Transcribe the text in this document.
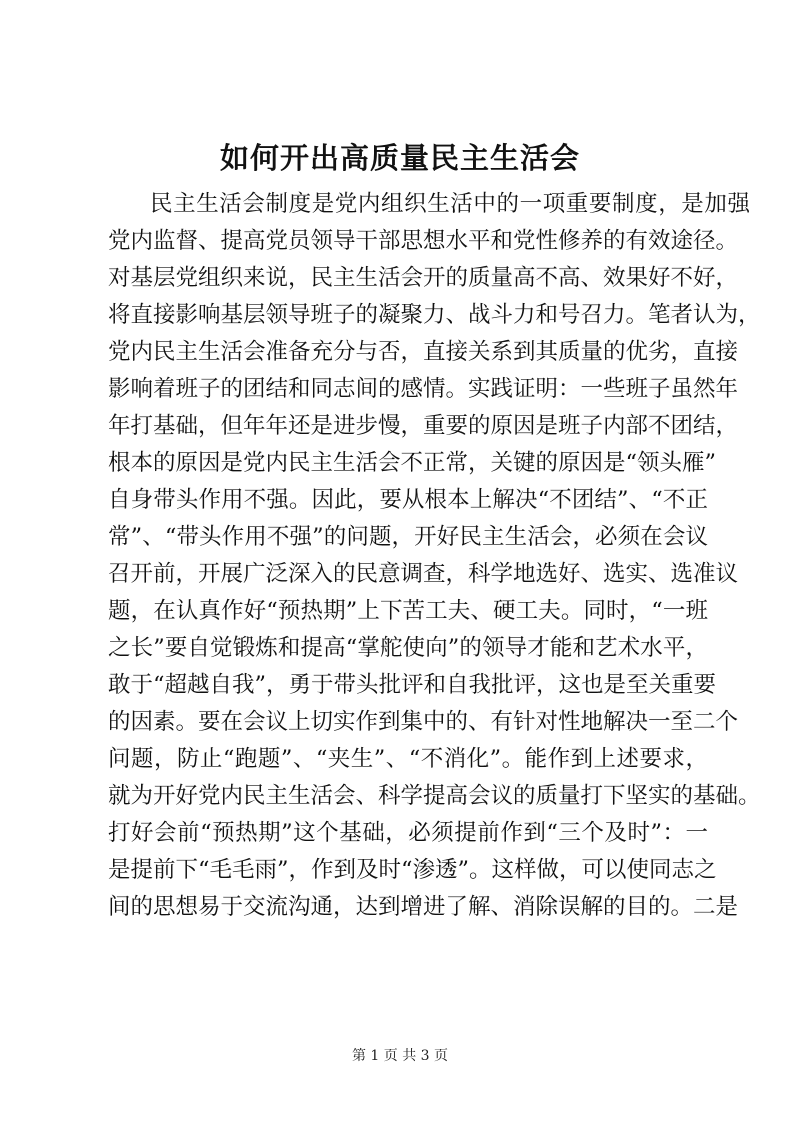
如何开出高质量民主生活会
民主生活会制度是党内组织生活中的一项重要制度，是加强
党内监督、提高党员领导干部思想水平和党性修养的有效途径。
对基层党组织来说，民主生活会开的质量高不高、效果好不好，
将直接影响基层领导班子的凝聚力、战斗力和号召力。笔者认为，
党内民主生活会准备充分与否，直接关系到其质量的优劣，直接
影响着班子的团结和同志间的感情。实践证明：一些班子虽然年
年打基础，但年年还是进步慢，重要的原因是班子内部不团结，
根本的原因是党内民主生活会不正常，关键的原因是“领头雁”
自身带头作用不强。因此，要从根本上解决“不团结”、“不正
常”、“带头作用不强”的问题，开好民主生活会，必须在会议
召开前，开展广泛深入的民意调查，科学地选好、选实、选准议
题，在认真作好“预热期”上下苦工夫、硬工夫。同时，“一班
之长”要自觉锻炼和提高“掌舵使向”的领导才能和艺术水平，
敢于“超越自我”，勇于带头批评和自我批评，这也是至关重要
的因素。要在会议上切实作到集中的、有针对性地解决一至二个
问题，防止“跑题”、“夹生”、“不消化”。能作到上述要求，
就为开好党内民主生活会、科学提高会议的质量打下坚实的基础。
打好会前“预热期”这个基础，必须提前作到“三个及时”：一
是提前下“毛毛雨”，作到及时“渗透”。这样做，可以使同志之
间的思想易于交流沟通，达到增进了解、消除误解的目的。二是
第 1 页 共 3 页
